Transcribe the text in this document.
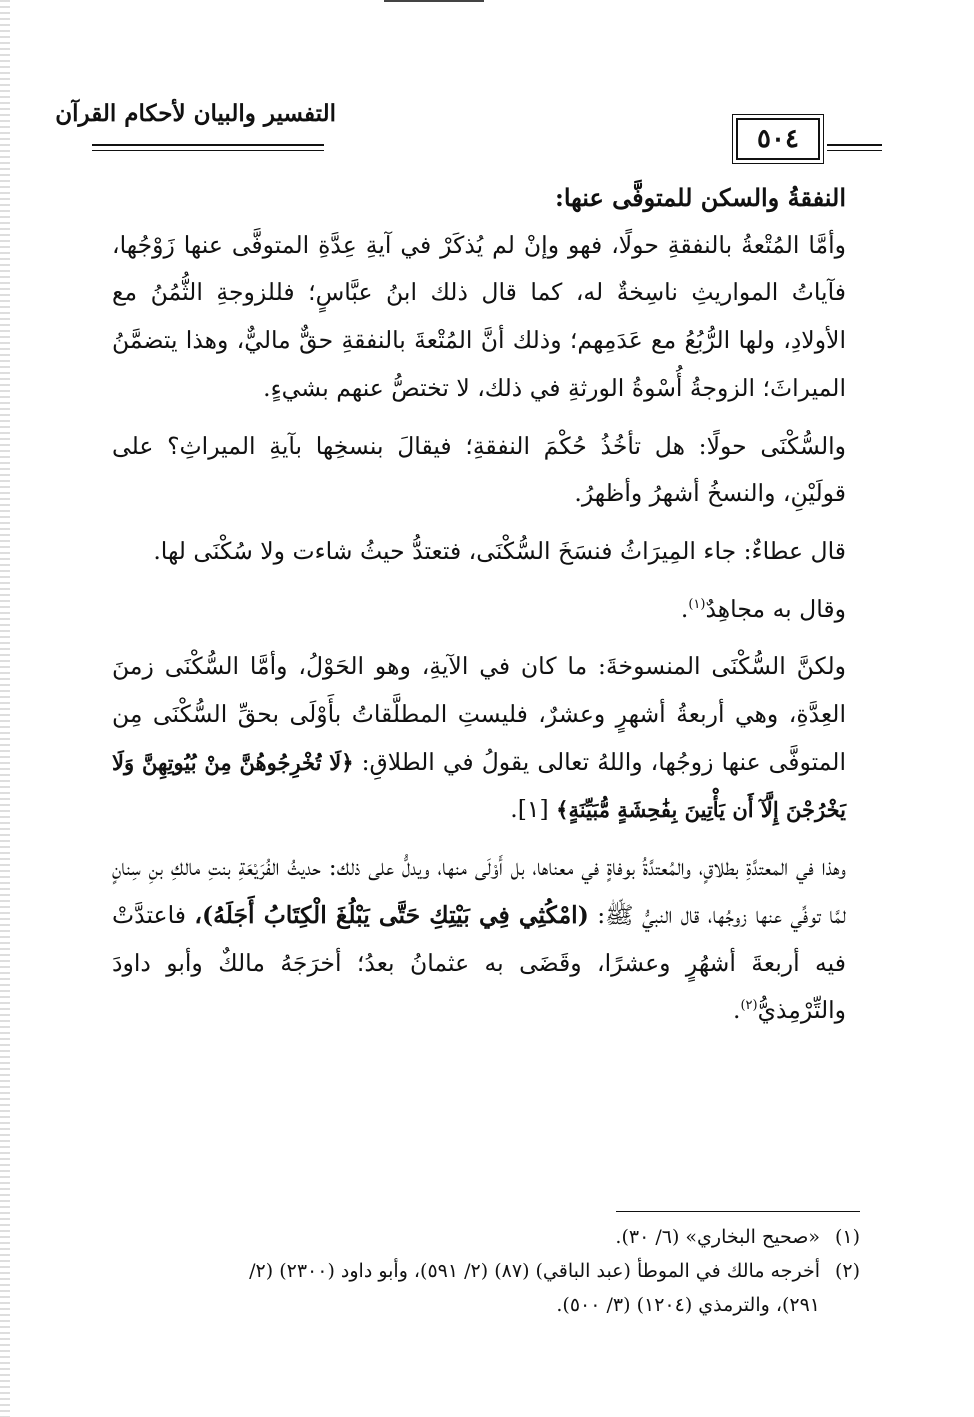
التفسير والبيان لأحكام القرآن
٥٠٤

النفقةُ والسكن للمتوفَّى عنها:

وأمَّا المُتْعةُ بالنفقةِ حولًا، فهو وإنْ لم يُذكَرْ في آيةِ عِدَّةِ المتوفَّى عنها زَوْجُها، فآياتُ المواريثِ ناسِخةٌ له، كما قال ذلك ابنُ عبَّاسٍ؛ فللزوجةِ الثُّمُنُ مع الأولادِ، ولها الرُّبُعُ مع عَدَمِهم؛ وذلك أنَّ المُتْعةَ بالنفقةِ حقٌّ ماليٌّ، وهذا يتضمَّنُ الميراثَ؛ الزوجةُ أُسْوةُ الورثةِ في ذلك، لا تختصُّ عنهم بشيءٍ.

والسُّكْنَى حولًا: هل تأخُذُ حُكْمَ النفقةِ؛ فيقالَ بنسخِها بآيةِ الميراثِ؟ على قولَيْنِ، والنسخُ أشهرُ وأظهرُ.

قال عطاءٌ: جاء المِيرَاثُ فنسَخَ السُّكْنَى، فتعتدُّ حيثُ شاءت ولا سُكْنَى لها.

وقال به مجاهِدٌ$^{(١)}$.

ولكنَّ السُّكْنَى المنسوخةَ: ما كان في الآيةِ، وهو الحَوْلُ، وأمَّا السُّكْنَى زمنَ العِدَّةِ، وهي أربعةُ أشهرٍ وعشرٌ، فليستِ المطلَّقاتُ بأَوْلَى بحقِّ السُّكْنَى مِن المتوفَّى عنها زوجُها، واللهُ تعالى يقولُ في الطلاقِ: ﴿لَا تُخْرِجُوهُنَّ مِنْ بُيُوتِهِنَّ وَلَا يَخْرُجْنَ إِلَّآ أَن يَأْتِينَ بِفَٰحِشَةٍ مُّبَيِّنَةٍ﴾ [١].

وهذا في المعتدَّةِ بطلاقٍ، والمُعتدَّةُ بوفاةٍ في معناها، بل أَوْلَى منها، ويدلُّ على ذلك: حديثُ الفُرَيْعَةِ بنتِ مالكِ بنِ سِنانٍ لمَّا توفِّي عنها زوجُها، قال النبيُّ ﷺ: (امْكُثِي فِي بَيْتِكِ حَتَّى يَبْلُغَ الْكِتَابُ أَجَلَهُ)، فاعتدَّتْ فيه أربعةَ أشهُرٍ وعشرًا، وقَضَى به عثمانُ بعدُ؛ أخرَجَهُ مالكٌ وأبو داودَ والتِّرْمِذيُّ$^{(٢)}$.

(١)«صحيح البخاري» (٦/ ٣٠).

(٢)أخرجه مالك في الموطأ (عبد الباقي) (٨٧) (٢/ ٥٩١)، وأبو داود (٢٣٠٠) (٢/

٢٩١)، والترمذي (١٢٠٤) (٣/ ٥٠٠).
